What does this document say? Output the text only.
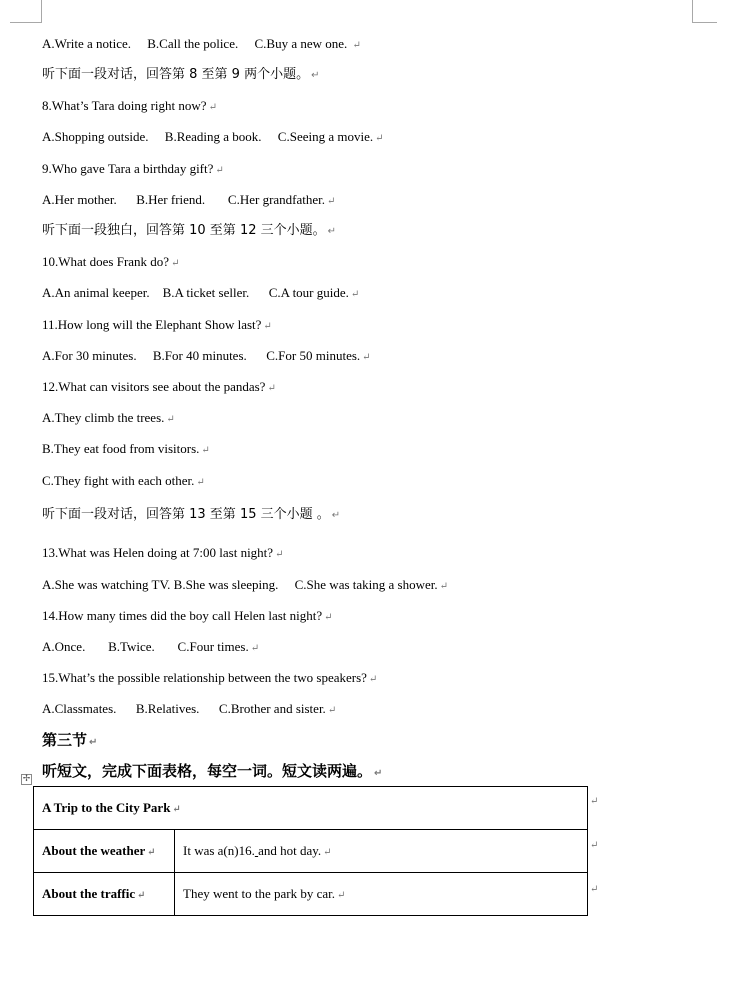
A.Write a notice.     B.Call the police.     C.Buy a new one. ↵
听下面一段对话，回答第 8 至第 9 两个小题。 ↵
8.What’s Tara doing right now? ↵
A.Shopping outside.     B.Reading a book.     C.Seeing a movie. ↵
9.Who gave Tara a birthday gift? ↵
A.Her mother.      B.Her friend.       C.Her grandfather. ↵
听下面一段独白，回答第 10 至第 12 三个小题。 ↵
10.What does Frank do? ↵
A.An animal keeper.    B.A ticket seller.      C.A tour guide. ↵
11.How long will the Elephant Show last? ↵
A.For 30 minutes.     B.For 40 minutes.      C.For 50 minutes. ↵
12.What can visitors see about the pandas? ↵
A.They climb the trees. ↵
B.They eat food from visitors. ↵
C.They fight with each other. ↵
听下面一段对话，回答第 13 至第 15 三个小题 。 ↵
13.What was Helen doing at 7:00 last night? ↵
A.She was watching TV. B.She was sleeping.     C.She was taking a shower. ↵
14.How many times did the boy call Helen last night? ↵
A.Once.       B.Twice.       C.Four times. ↵
15.What’s the possible relationship between the two speakers? ↵
A.Classmates.      B.Relatives.      C.Brother and sister. ↵
第三节 ↵
听短文，完成下面表格，每空一词。短文读两遍。 ↵
✢
A Trip to the City Park ↵	
About the weather ↵	It was a(n)16. and hot day. ↵
About the traffic ↵	They went to the park by car. ↵
↵
↵
↵
